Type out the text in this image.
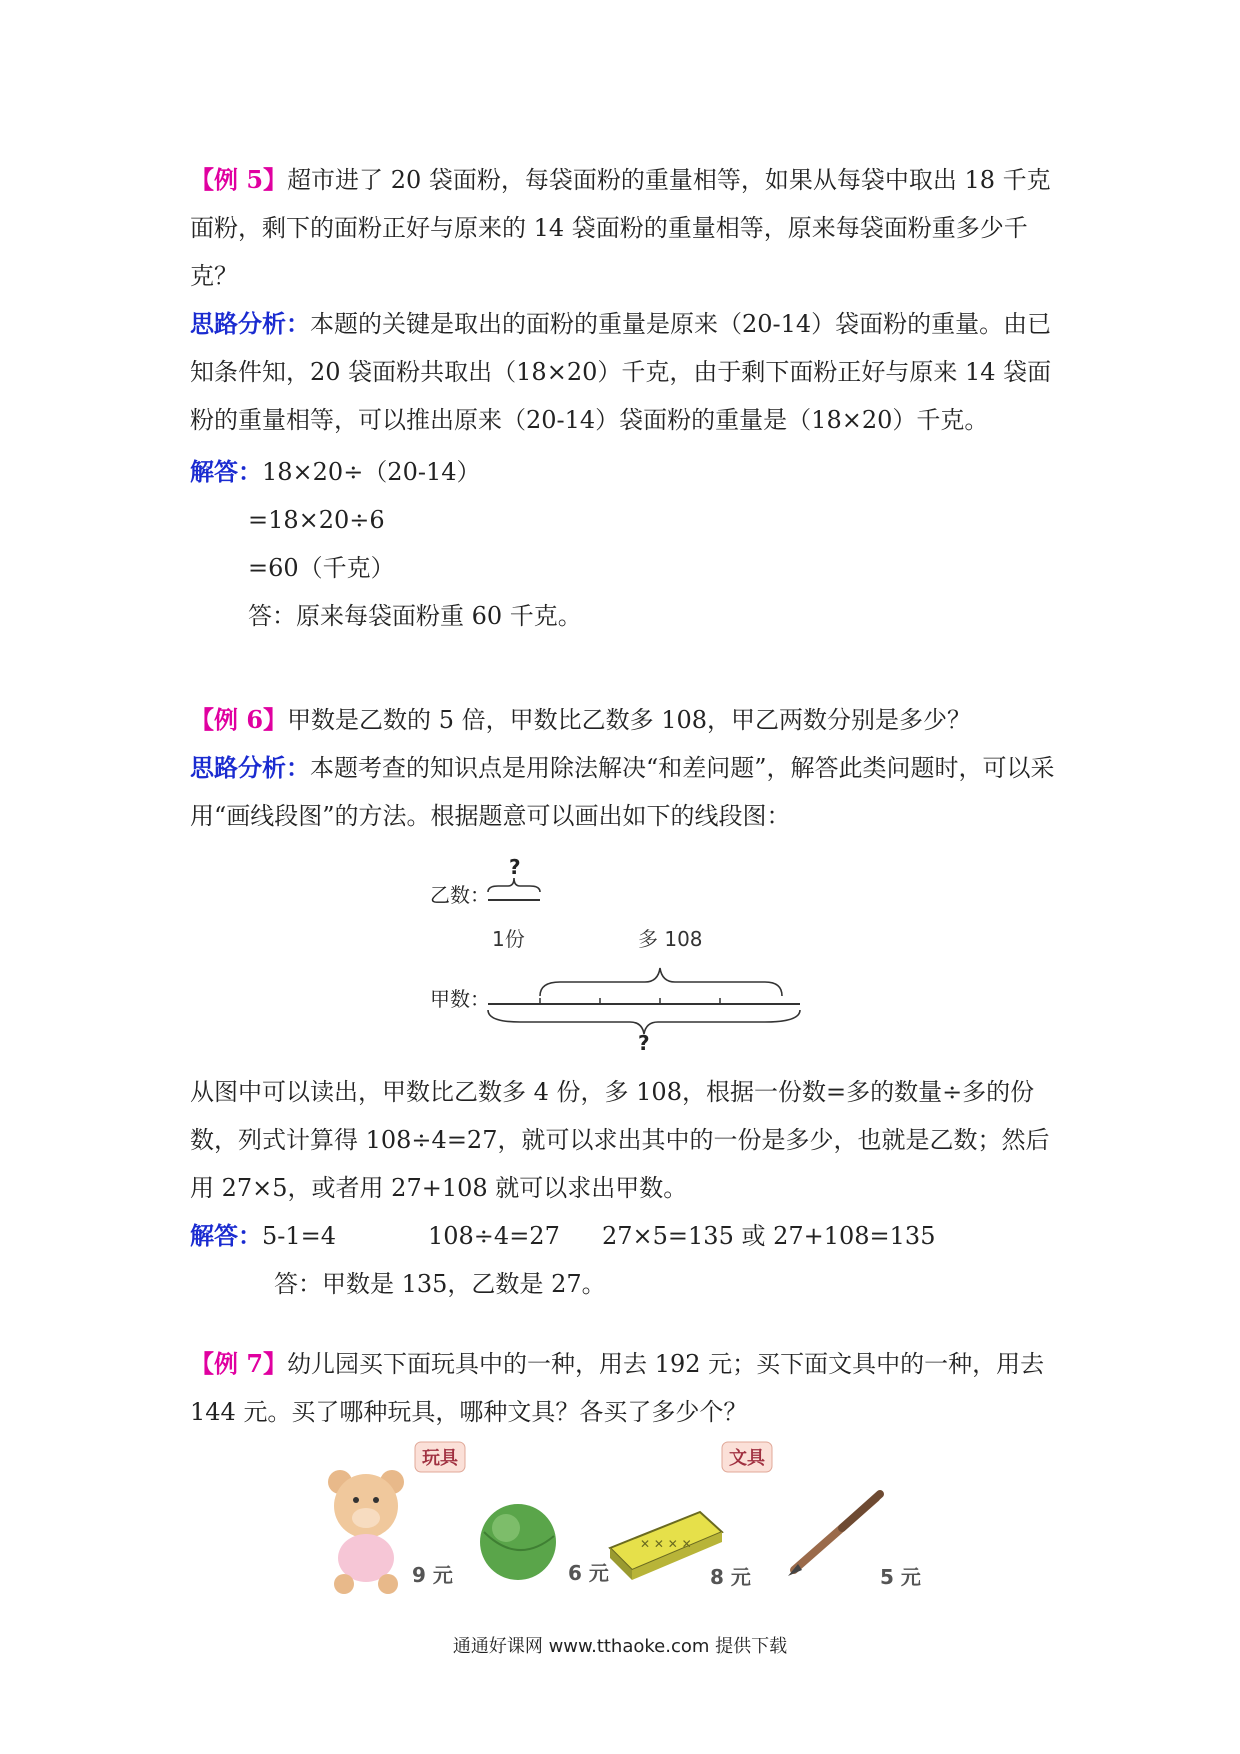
【例 5】超市进了 20 袋面粉，每袋面粉的重量相等，如果从每袋中取出 18 千克面粉，剩下的面粉正好与原来的 14 袋面粉的重量相等，原来每袋面粉重多少千克？
思路分析：本题的关键是取出的面粉的重量是原来（20-14）袋面粉的重量。由已知条件知，20 袋面粉共取出（18×20）千克，由于剩下面粉正好与原来 14 袋面粉的重量相等，可以推出原来（20-14）袋面粉的重量是（18×20）千克。
解答：18×20÷（20-14）
=18×20÷6
=60（千克）
答：原来每袋面粉重 60 千克。
【例 6】甲数是乙数的 5 倍，甲数比乙数多 108，甲乙两数分别是多少？
思路分析：本题考查的知识点是用除法解决“和差问题”，解答此类问题时，可以采用“画线段图”的方法。根据题意可以画出如下的线段图：
乙数：
?
1份	多 108
甲数：
?
从图中可以读出，甲数比乙数多 4 份，多 108，根据一份数=多的数量÷多的份数，列式计算得 108÷4=27，就可以求出其中的一份是多少，也就是乙数；然后用 27×5，或者用 27+108 就可以求出甲数。
解答：5-1=4	108÷4=27 27×5=135 或 27+108=135
答：甲数是 135，乙数是 27。
【例 7】幼儿园买下面玩具中的一种，用去 192 元；买下面文具中的一种，用去 144 元。买了哪种玩具，哪种文具？各买了多少个？
玩具	文具
9 元	6 元
✕ ✕ ✕ ✕
8 元	5 元
通通好课网 www.tthaoke.com 提供下载
